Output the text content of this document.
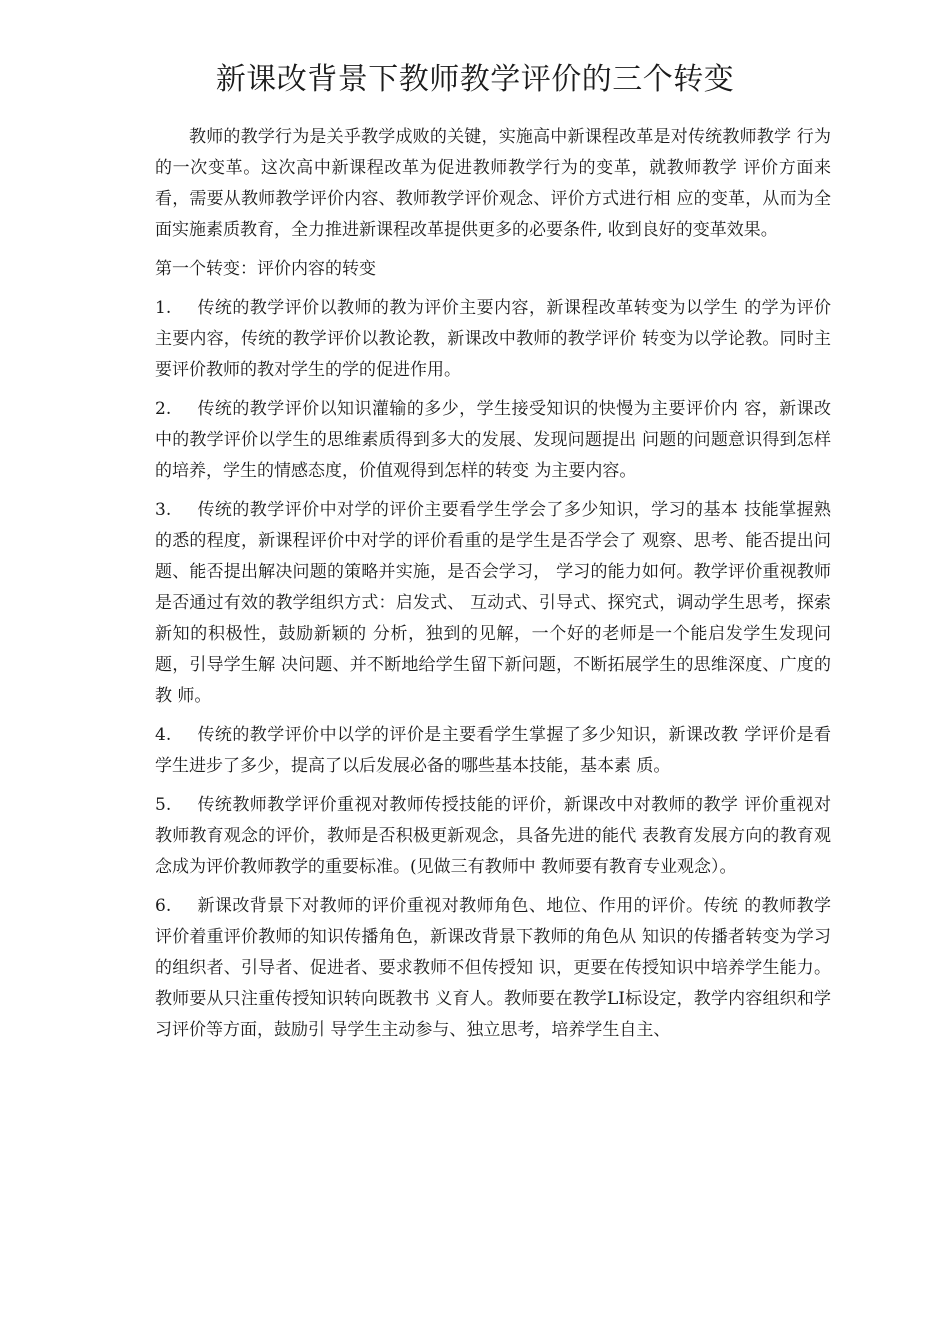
新课改背景下教师教学评价的三个转变

教师的教学行为是关乎教学成败的关键，实施高中新课程改革是对传统教师教学 行为的一次变革。这次高中新课程改革为促进教师教学行为的变革，就教师教学 评价方面来看，需要从教师教学评价内容、教师教学评价观念、评价方式进行相 应的变革，从而为全面实施素质教育，全力推进新课程改革提供更多的必要条件, 收到良好的变革效果。

第一个转变：评价内容的转变

1. 传统的教学评价以教师的教为评价主要内容，新课程改革转变为以学生 的学为评价主要内容，传统的教学评价以教论教，新课改中教师的教学评价 转变为以学论教。同时主要评价教师的教对学生的学的促进作用。

2. 传统的教学评价以知识灌输的多少，学生接受知识的快慢为主要评价内 容，新课改中的教学评价以学生的思维素质得到多大的发展、发现问题提出 问题的问题意识得到怎样的培养，学生的情感态度，价值观得到怎样的转变 为主要内容。

3. 传统的教学评价中对学的评价主要看学生学会了多少知识，学习的基本 技能掌握熟的悉的程度，新课程评价中对学的评价看重的是学生是否学会了 观察、思考、能否提出问题、能否提出解决问题的策略并实施，是否会学习， 学习的能力如何。教学评价重视教师是否通过有效的教学组织方式：启发式、 互动式、引导式、探究式，调动学生思考，探索新知的积极性，鼓励新颖的 分析，独到的见解，一个好的老师是一个能启发学生发现问题，引导学生解 决问题、并不断地给学生留下新问题，不断拓展学生的思维深度、广度的教 师。

4. 传统的教学评价中以学的评价是主要看学生掌握了多少知识，新课改教 学评价是看学生进步了多少，提高了以后发展必备的哪些基本技能，基本素 质。

5. 传统教师教学评价重视对教师传授技能的评价，新课改中对教师的教学 评价重视对教师教育观念的评价，教师是否积极更新观念，具备先进的能代 表教育发展方向的教育观念成为评价教师教学的重要标准。(见做三有教师中 教师要有教育专业观念）。

6. 新课改背景下对教师的评价重视对教师角色、地位、作用的评价。传统 的教师教学评价着重评价教师的知识传播角色，新课改背景下教师的角色从 知识的传播者转变为学习的组织者、引导者、促进者、要求教师不但传授知 识，更要在传授知识中培养学生能力。教师要从只注重传授知识转向既教书 义育人。教师要在教学LI标设定，教学内容组织和学习评价等方面，鼓励引 导学生主动参与、独立思考，培养学生自主、
